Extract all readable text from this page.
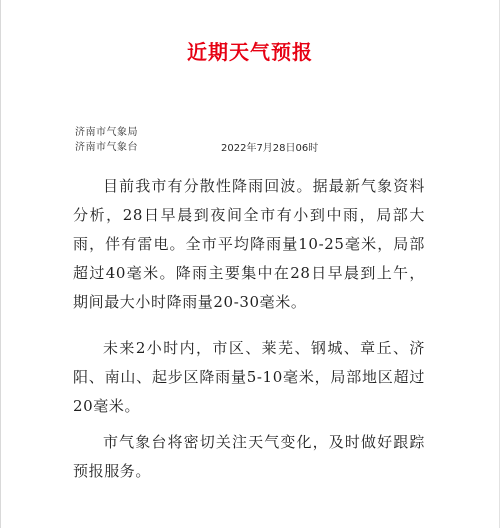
近期天气预报
济南市气象局
济南市气象台	2022年7月28日06时

目前我市有分散性降雨回波。据最新气象资料分析，28日早晨到夜间全市有小到中雨，局部大雨，伴有雷电。全市平均降雨量10-25毫米，局部超过40毫米。降雨主要集中在28日早晨到上午，期间最大小时降雨量20-30毫米。

未来2小时内，市区、莱芜、钢城、章丘、济阳、南山、起步区降雨量5-10毫米，局部地区超过20毫米。

市气象台将密切关注天气变化，及时做好跟踪预报服务。
